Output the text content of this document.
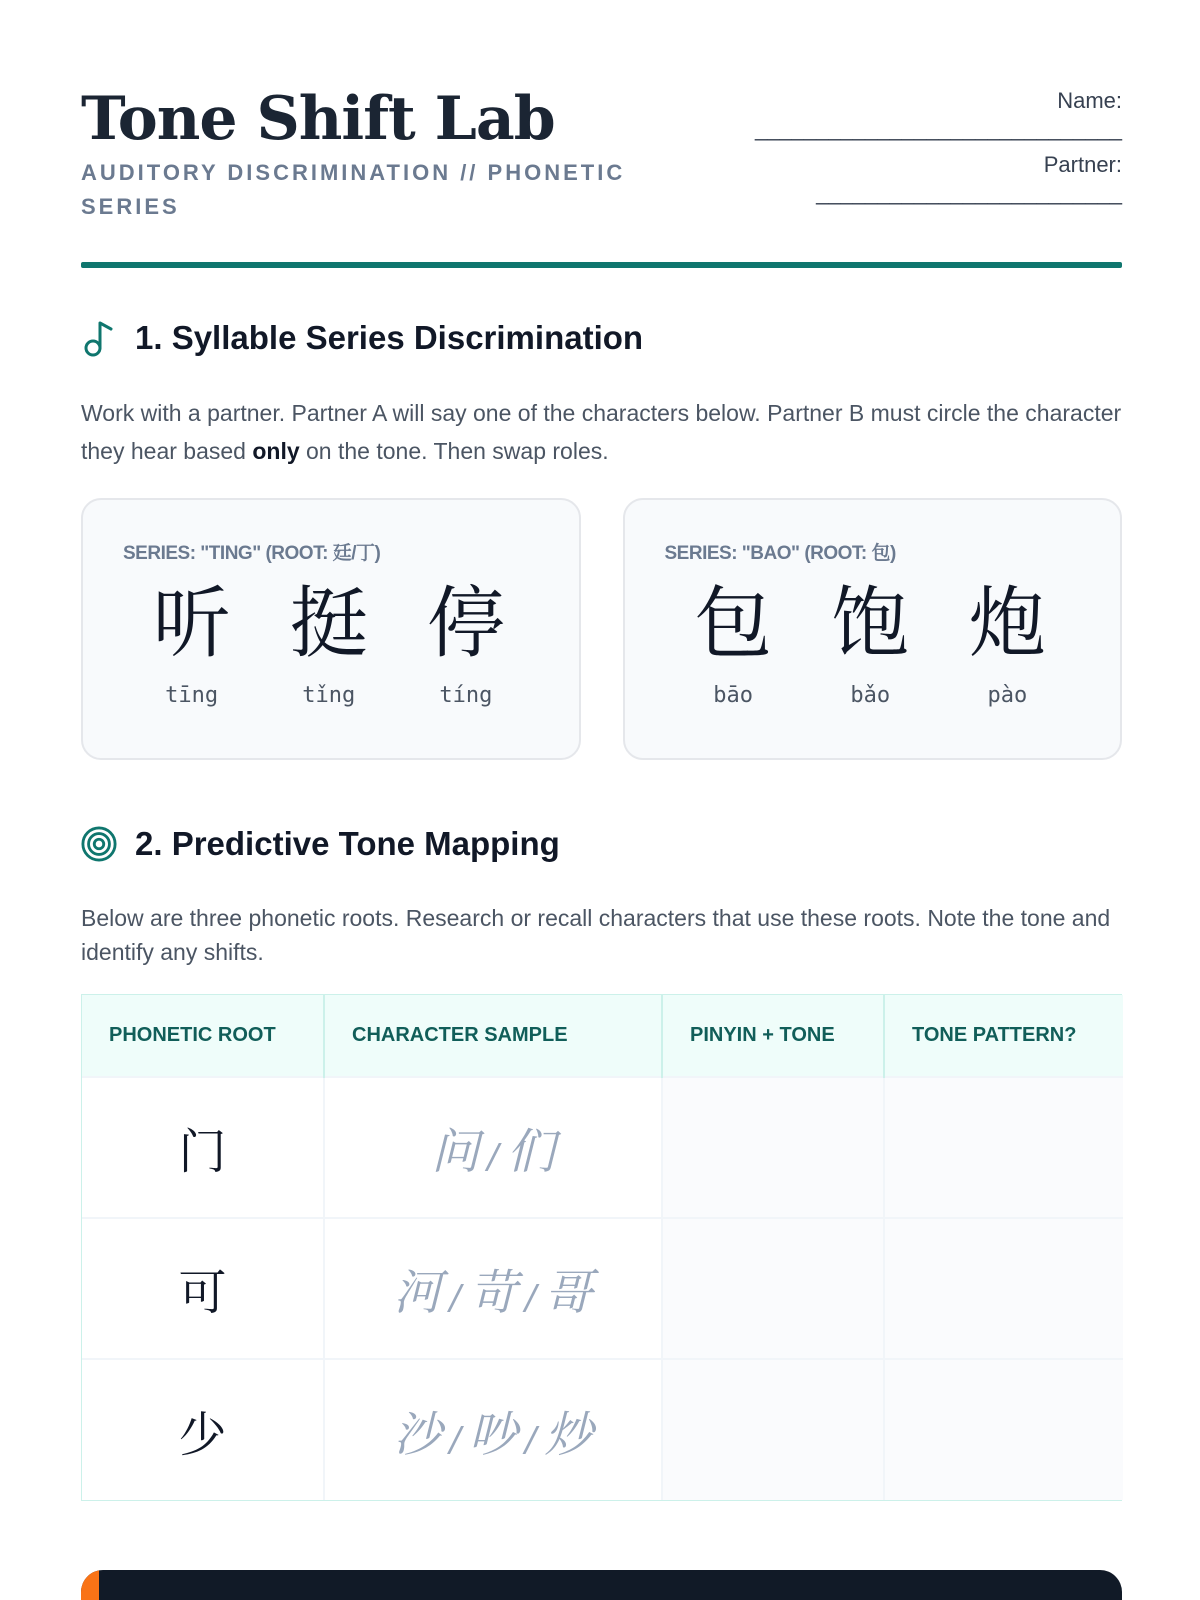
Tone Shift Lab
AUDITORY DISCRIMINATION // PHONETIC SERIES
Name:
______________________________
Partner:
_________________________
1. Syllable Series Discrimination
Work with a partner. Partner A will say one of the characters below. Partner B must circle the character they hear based only on the tone. Then swap roles.
SERIES: "TING" (ROOT: 廷/丁)
听
tīng
挺
tǐng
停
tíng
SERIES: "BAO" (ROOT: 包)
包
bāo
饱
bǎo
炮
pào
2. Predictive Tone Mapping
Below are three phonetic roots. Research or recall characters that use these roots. Note the tone and identify any shifts.
PHONETIC ROOT	CHARACTER SAMPLE	PINYIN + TONE	TONE PATTERN?
门	问 / 们		
可	河 / 苛 / 哥		
少	沙 / 吵 / 炒		
